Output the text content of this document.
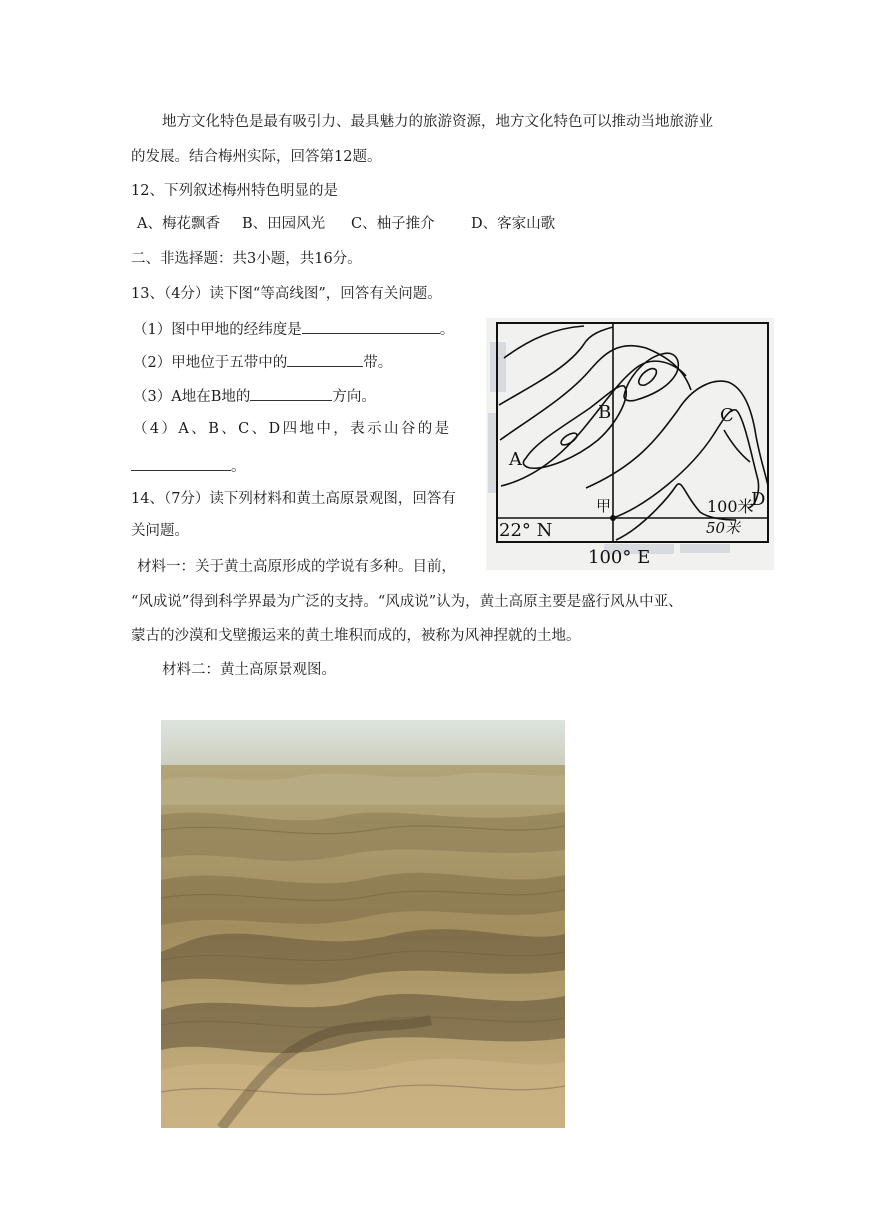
地方文化特色是最有吸引力、最具魅力的旅游资源，地方文化特色可以推动当地旅游业

的发展。结合梅州实际，回答第12题。

12、下列叙述梅州特色明显的是

A、梅花飘香 B、田园风光 C、柚子推介	D、客家山歌

二、非选择题：共3小题，共16分。

13、（4分）读下图“等高线图”，回答有关问题。

（1）图中甲地的经纬度是	。

（2）甲地位于五带中的	带。

（3）A地在B地的	方向。

（4）A、B、C、D四地中，表示山谷的是

。

14、（7分）读下列材料和黄土高原景观图，回答有

关问题。

材料一：关于黄土高原形成的学说有多种。目前，

“风成说”得到科学界最为广泛的支持。“风成说”认为，黄土高原主要是盛行风从中亚、

蒙古的沙漠和戈壁搬运来的黄土堆积而成的，被称为风神捏就的土地。

材料二：黄土高原景观图。

A
B	C
D
甲	100米
50米
22° N
100° E
